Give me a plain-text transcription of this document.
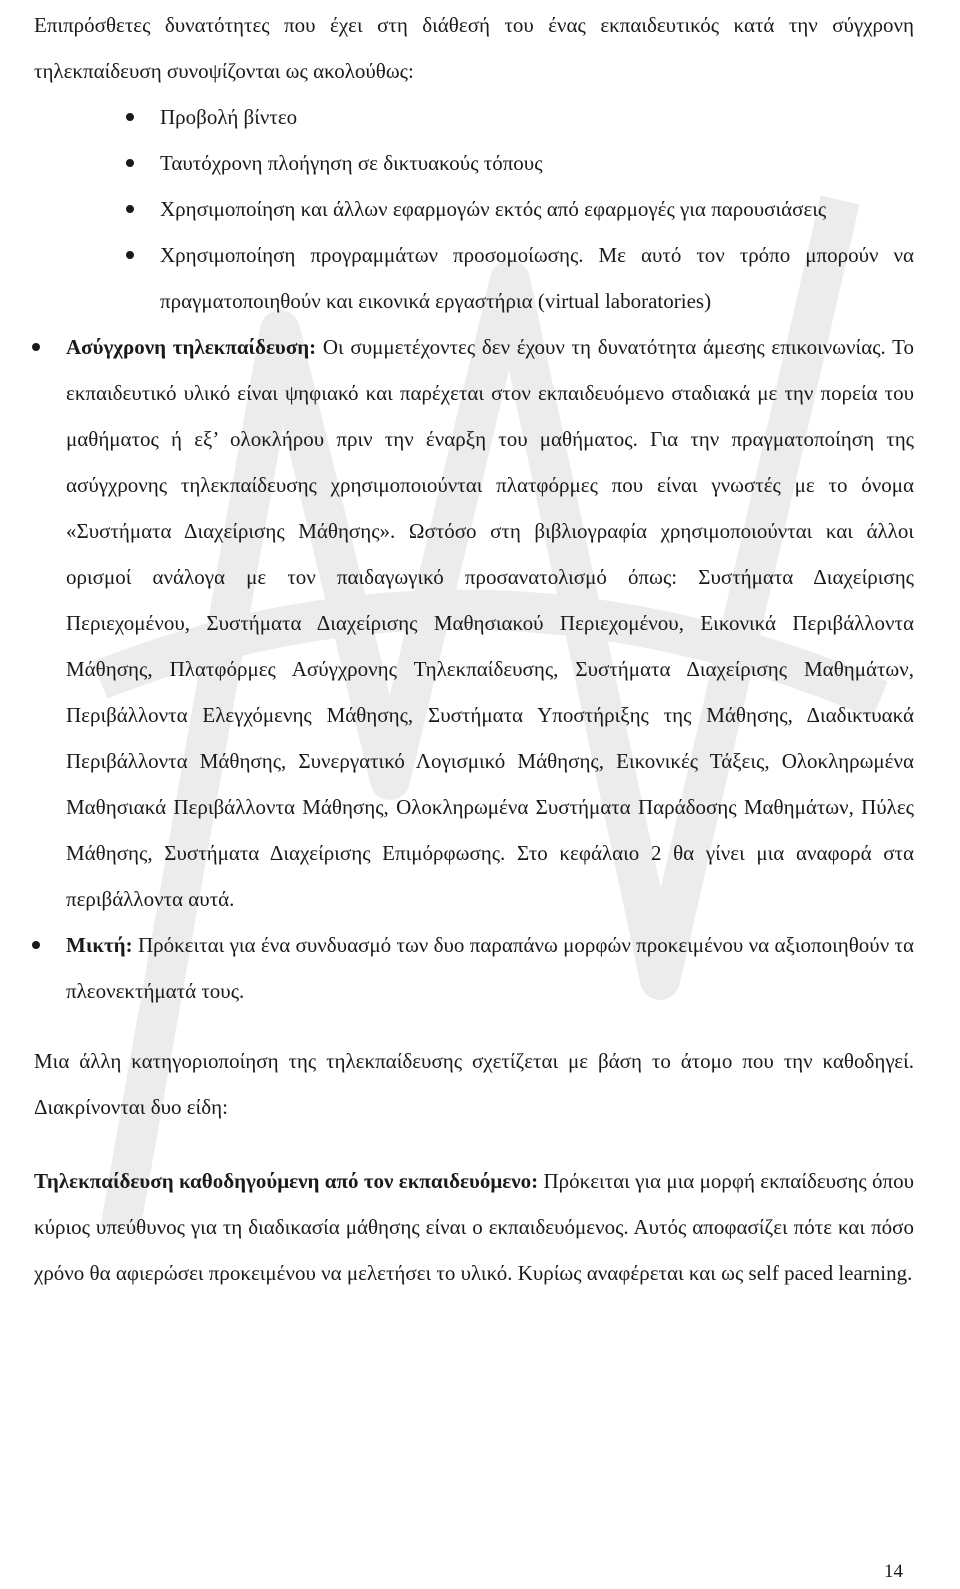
Επιπρόσθετες δυνατότητες που έχει στη διάθεσή του ένας εκπαιδευτικός κατά την σύγχρονη τηλεκπαίδευση συνοψίζονται ως ακολούθως:

Προβολή βίντεο
Ταυτόχρονη πλοήγηση σε δικτυακούς τόπους
Χρησιμοποίηση και άλλων εφαρμογών εκτός από εφαρμογές για παρουσιάσεις
Χρησιμοποίηση προγραμμάτων προσομοίωσης. Με αυτό τον τρόπο μπορούν να πραγματοποιηθούν και εικονικά εργαστήρια (virtual laboratories)
Ασύγχρονη τηλεκπαίδευση: Οι συμμετέχοντες δεν έχουν τη δυνατότητα άμεσης επικοινωνίας. Το εκπαιδευτικό υλικό είναι ψηφιακό και παρέχεται στον εκπαιδευόμενο σταδιακά με την πορεία του μαθήματος ή εξ’ ολοκλήρου πριν την έναρξη του μαθήματος. Για την πραγματοποίηση της ασύγχρονης τηλεκπαίδευσης χρησιμοποιούνται πλατφόρμες που είναι γνωστές με το όνομα «Συστήματα Διαχείρισης Μάθησης». Ωστόσο στη βιβλιογραφία χρησιμοποιούνται και άλλοι ορισμοί ανάλογα με τον παιδαγωγικό προσανατολισμό όπως: Συστήματα Διαχείρισης Περιεχομένου, Συστήματα Διαχείρισης Μαθησιακού Περιεχομένου, Εικονικά Περιβάλλοντα Μάθησης, Πλατφόρμες Ασύγχρονης Τηλεκπαίδευσης, Συστήματα Διαχείρισης Μαθημάτων, Περιβάλλοντα Ελεγχόμενης Μάθησης, Συστήματα Υποστήριξης της Μάθησης, Διαδικτυακά Περιβάλλοντα Μάθησης, Συνεργατικό Λογισμικό Μάθησης, Εικονικές Τάξεις, Ολοκληρωμένα Μαθησιακά Περιβάλλοντα Μάθησης, Ολοκληρωμένα Συστήματα Παράδοσης Μαθημάτων, Πύλες Μάθησης, Συστήματα Διαχείρισης Επιμόρφωσης. Στο κεφάλαιο 2 θα γίνει μια αναφορά στα περιβάλλοντα αυτά.
Μικτή: Πρόκειται για ένα συνδυασμό των δυο παραπάνω μορφών προκειμένου να αξιοποιηθούν τα πλεονεκτήματά τους.

Μια άλλη κατηγοριοποίηση της τηλεκπαίδευσης σχετίζεται με βάση το άτομο που την καθοδηγεί. Διακρίνονται δυο είδη:

Τηλεκπαίδευση καθοδηγούμενη από τον εκπαιδευόμενο: Πρόκειται για μια μορφή εκπαίδευσης όπου κύριος υπεύθυνος για τη διαδικασία μάθησης είναι ο εκπαιδευόμενος. Αυτός αποφασίζει πότε και πόσο χρόνο θα αφιερώσει προκειμένου να μελετήσει το υλικό. Κυρίως αναφέρεται και ως self paced learning.

14
